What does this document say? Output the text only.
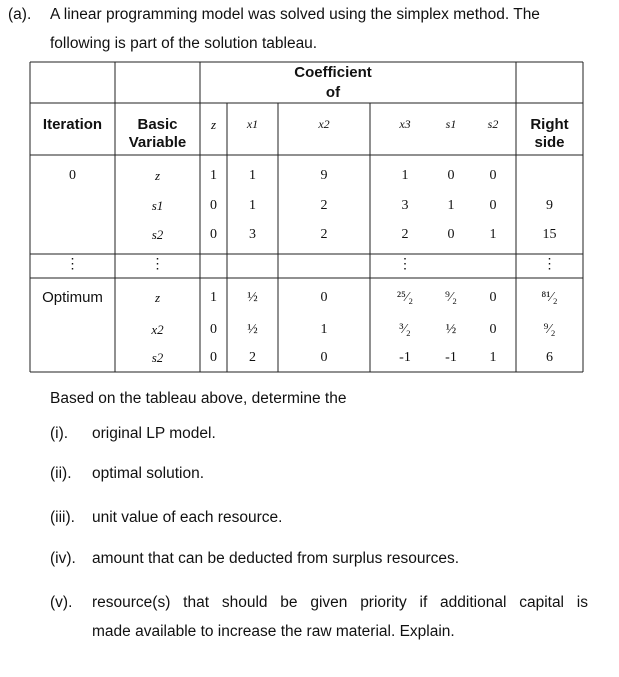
(a). A linear programming model was solved using the simplex method. The
following is part of the solution tableau.
Coefficient
of
Iteration	Basic
Variable
z	x1	x2	x3	s1	s2	Right
side
0	z	1	1	9	1	0	0
s1	0	1	2	3	1	0	9
s2	0	3	2	2	0	1	15
⋮	⋮	⋮	⋮
Optimum	z	1	½	0	²⁵⁄₂	⁹⁄₂	0	⁸¹⁄₂
x2	0	½	1	³⁄₂	½	0	⁹⁄₂
s2	0	2	0	-1	-1	1	6
Based on the tableau above, determine the
(i). original LP model.
(ii). optimal solution.
(iii). unit value of each resource.
(iv). amount that can be deducted from surplus resources.
(v). resource(s) that should be given priority if additional capital is
made available to increase the raw material. Explain.
